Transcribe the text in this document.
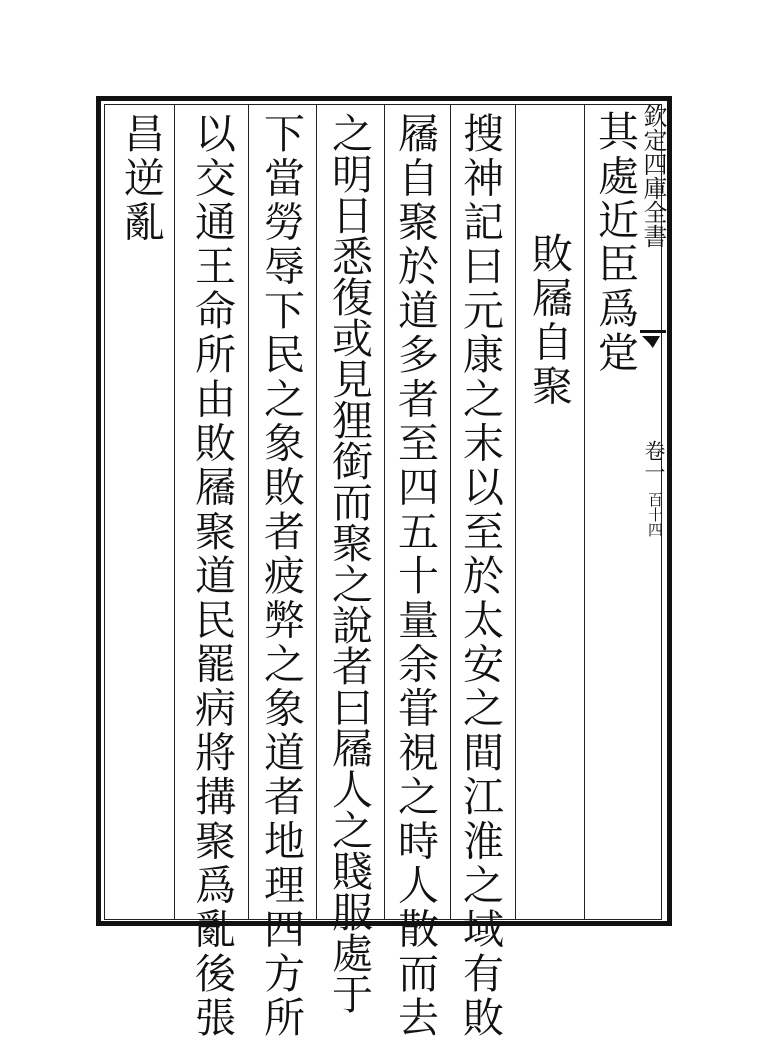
欽定四庫全書

卷一

百十四

其處近臣爲䟫

敗屩自聚

搜神記曰元康之末以至於太安之間江淮之域有敗

屩自聚於道多者至四五十量余甞視之時人散而去

之明日悉復或見狸銜而聚之說者曰屩人之賤服處于

下當勞辱下民之象敗者疲弊之象道者地理四方所

以交通王命所由敗屩聚道民罷病將搆聚爲亂後張

昌逆亂
